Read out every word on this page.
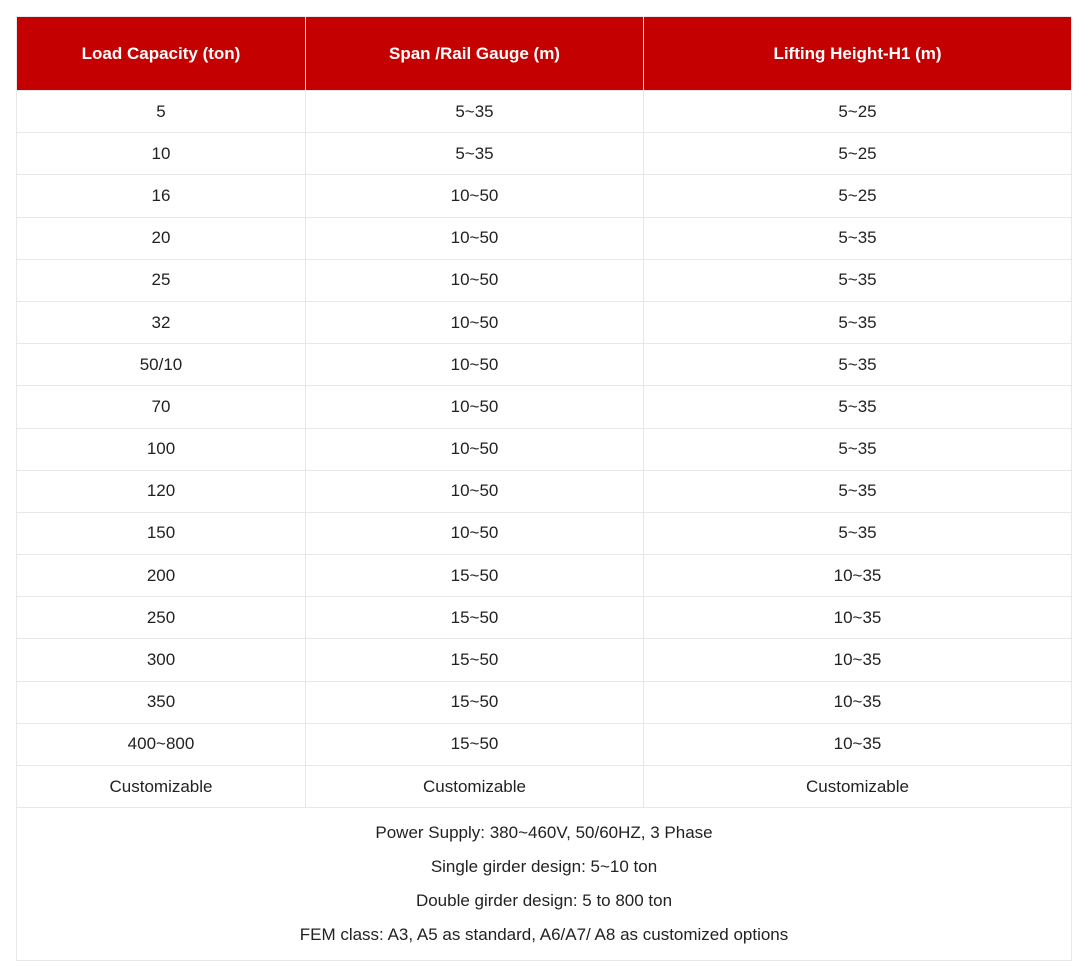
Load Capacity (ton)	Span /Rail Gauge (m)	Lifting Height-H1 (m)
5	5~35	5~25
10	5~35	5~25
16	10~50	5~25
20	10~50	5~35
25	10~50	5~35
32	10~50	5~35
50/10	10~50	5~35
70	10~50	5~35
100	10~50	5~35
120	10~50	5~35
150	10~50	5~35
200	15~50	10~35
250	15~50	10~35
300	15~50	10~35
350	15~50	10~35
400~800	15~50	10~35
Customizable	Customizable	Customizable

Power Supply: 380~460V, 50/60HZ, 3 Phase
Single girder design: 5~10 ton
Double girder design: 5 to 800 ton
FEM class: A3, A5 as standard, A6/A7/ A8 as customized options		
